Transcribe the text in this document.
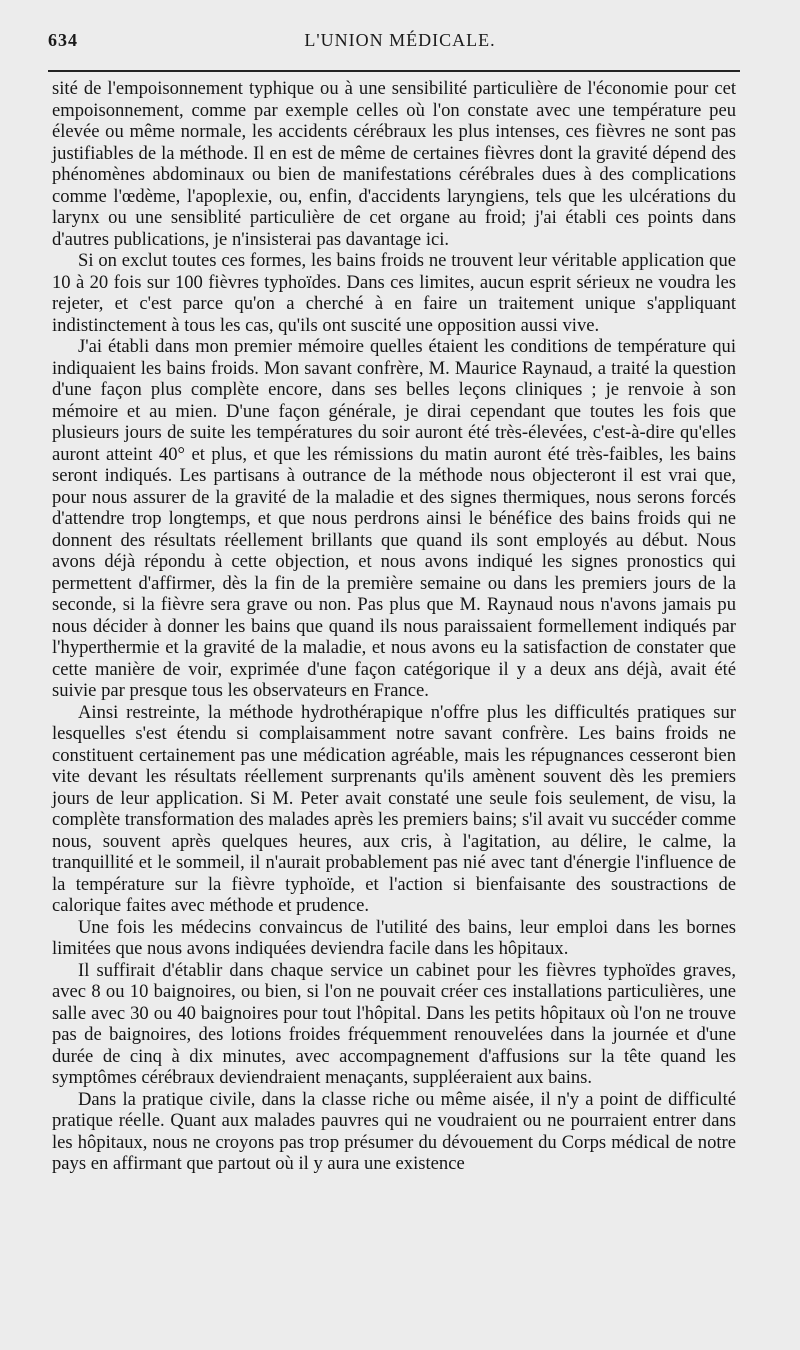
634	L'UNION MÉDICALE.

sité de l'empoisonnement typhique ou à une sensibilité particulière de l'économie pour cet empoisonnement, comme par exemple celles où l'on constate avec une température peu élevée ou même normale, les accidents cérébraux les plus intenses, ces fièvres ne sont pas justifiables de la méthode. Il en est de même de certaines fièvres dont la gravité dépend des phénomènes abdominaux ou bien de manifestations cérébrales dues à des complications comme l'œdème, l'apoplexie, ou, enfin, d'accidents laryngiens, tels que les ulcérations du larynx ou une sensiblité particulière de cet organe au froid; j'ai établi ces points dans d'autres publications, je n'insisterai pas davantage ici.

Si on exclut toutes ces formes, les bains froids ne trouvent leur véritable application que 10 à 20 fois sur 100 fièvres typhoïdes. Dans ces limites, aucun esprit sérieux ne voudra les rejeter, et c'est parce qu'on a cherché à en faire un traitement unique s'appliquant indistinctement à tous les cas, qu'ils ont suscité une opposition aussi vive.

J'ai établi dans mon premier mémoire quelles étaient les conditions de température qui indiquaient les bains froids. Mon savant confrère, M. Maurice Raynaud, a traité la question d'une façon plus complète encore, dans ses belles leçons cliniques ; je renvoie à son mémoire et au mien. D'une façon générale, je dirai cependant que toutes les fois que plusieurs jours de suite les températures du soir auront été très-élevées, c'est-à-dire qu'elles auront atteint 40° et plus, et que les rémissions du matin auront été très-faibles, les bains seront indiqués. Les partisans à outrance de la méthode nous objecteront il est vrai que, pour nous assurer de la gravité de la maladie et des signes thermiques, nous serons forcés d'attendre trop longtemps, et que nous perdrons ainsi le bénéfice des bains froids qui ne donnent des résultats réellement brillants que quand ils sont employés au début. Nous avons déjà répondu à cette objection, et nous avons indiqué les signes pronostics qui permettent d'affirmer, dès la fin de la première semaine ou dans les premiers jours de la seconde, si la fièvre sera grave ou non. Pas plus que M. Raynaud nous n'avons jamais pu nous décider à donner les bains que quand ils nous paraissaient formellement indiqués par l'hyperthermie et la gravité de la maladie, et nous avons eu la satisfaction de constater que cette manière de voir, exprimée d'une façon catégorique il y a deux ans déjà, avait été suivie par presque tous les observateurs en France.

Ainsi restreinte, la méthode hydrothérapique n'offre plus les difficultés pratiques sur lesquelles s'est étendu si complaisamment notre savant confrère. Les bains froids ne constituent certainement pas une médication agréable, mais les répugnances cesseront bien vite devant les résultats réellement surprenants qu'ils amènent souvent dès les premiers jours de leur application. Si M. Peter avait constaté une seule fois seulement, de visu, la complète transformation des malades après les premiers bains; s'il avait vu succéder comme nous, souvent après quelques heures, aux cris, à l'agitation, au délire, le calme, la tranquillité et le sommeil, il n'aurait probablement pas nié avec tant d'énergie l'influence de la température sur la fièvre typhoïde, et l'action si bienfaisante des soustractions de calorique faites avec méthode et prudence.

Une fois les médecins convaincus de l'utilité des bains, leur emploi dans les bornes limitées que nous avons indiquées deviendra facile dans les hôpitaux.

Il suffirait d'établir dans chaque service un cabinet pour les fièvres typhoïdes graves, avec 8 ou 10 baignoires, ou bien, si l'on ne pouvait créer ces installations particulières, une salle avec 30 ou 40 baignoires pour tout l'hôpital. Dans les petits hôpitaux où l'on ne trouve pas de baignoires, des lotions froides fréquemment renouvelées dans la journée et d'une durée de cinq à dix minutes, avec accompagnement d'affusions sur la tête quand les symptômes cérébraux deviendraient menaçants, suppléeraient aux bains.

Dans la pratique civile, dans la classe riche ou même aisée, il n'y a point de difficulté pratique réelle. Quant aux malades pauvres qui ne voudraient ou ne pourraient entrer dans les hôpitaux, nous ne croyons pas trop présumer du dévouement du Corps médical de notre pays en affirmant que partout où il y aura une existence
